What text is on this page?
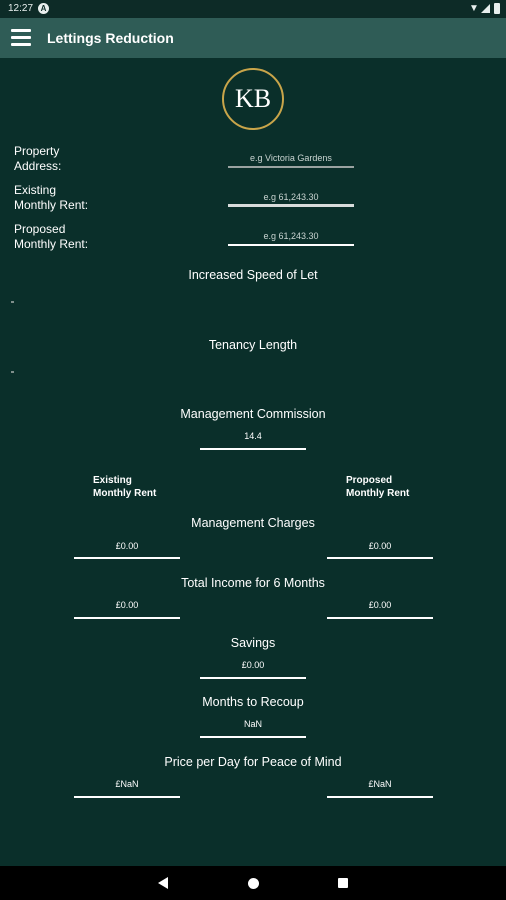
12:27 A	▼
Lettings Reduction
KB
Property
Address:
e.g Victoria Gardens
Existing
Monthly Rent:
e.g 61,243.30
Proposed
Monthly Rent:
e.g 61,243.30
Increased Speed of Let
Tenancy Length
Management Commission
14.4
Existing
Monthly Rent
Proposed
Monthly Rent
Management Charges
£0.00	£0.00
Total Income for 6 Months
£0.00	£0.00
Savings
£0.00
Months to Recoup
NaN
Price per Day for Peace of Mind
£NaN	£NaN
